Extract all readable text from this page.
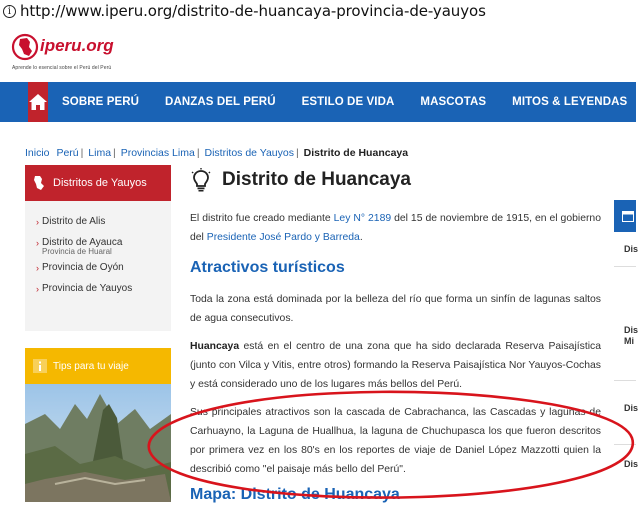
i http://www.iperu.org/distrito-de-huancaya-provincia-de-yauyos
iperu.org
Aprende lo esencial sobre el Perú del Perú
SOBRE PERÚ	DANZAS DEL PERÚ	ESTILO DE VIDA	MASCOTAS	MITOS & LEYENDAS
Inicio Perú | Lima | Provincias Lima | Distritos de Yauyos | Distrito de Huancaya
Distritos de Yauyos
› Distrito de Alis
› Distrito de Ayauca
Provincia de Huaral
› Provincia de Oyón
› Provincia de Yauyos
Tips para tu viaje
Distrito de Huancaya

El distrito fue creado mediante Ley N° 2189 del 15 de noviembre de 1915, en el gobierno del Presidente José Pardo y Barreda.

Atractivos turísticos

Toda la zona está dominada por la belleza del río que forma un sinfín de lagunas saltos de agua consecutivos.

Huancaya está en el centro de una zona que ha sido declarada Reserva Paisajística (junto con Vilca y Vitis, entre otros) formando la Reserva Paisajística Nor Yauyos-Cochas y está considerado uno de los lugares más bellos del Perú.

Sus principales atractivos son la cascada de Cabrachanca, las Cascadas y lagunas de Carhuayno, la Laguna de Huallhua, la laguna de Chuchupasca los que fueron descritos por primera vez en los 80's en los reportes de viaje de Daniel López Mazzotti quien la describió como "el paisaje más bello del Perú".

Mapa: Distrito de Huancaya
Dis
Dis
Mi
Dis
Dis
